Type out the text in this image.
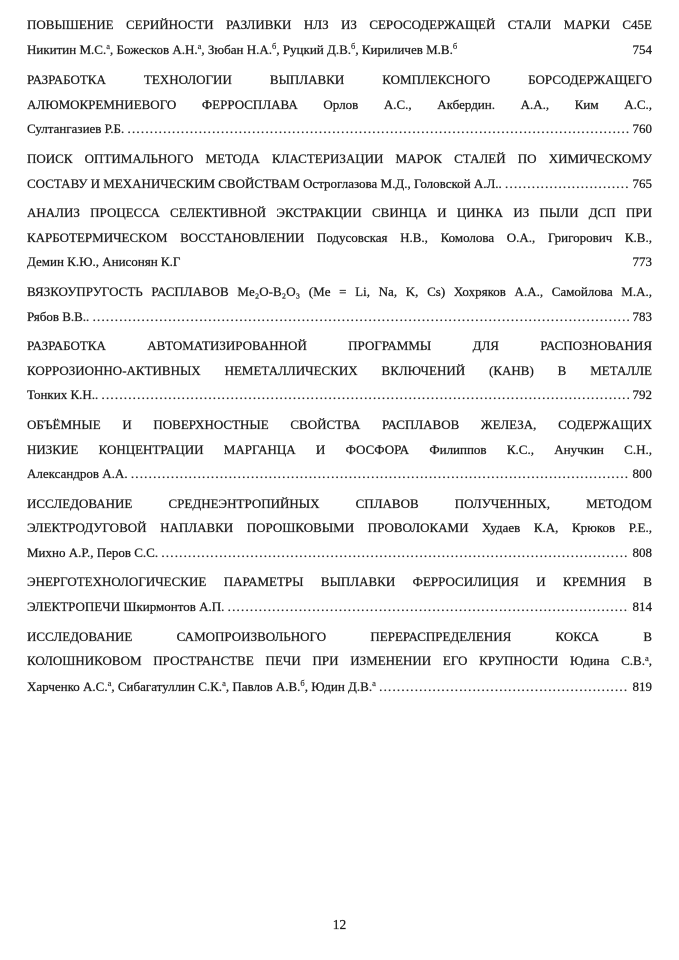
ПОВЫШЕНИЕ СЕРИЙНОСТИ РАЗЛИВКИ НЛЗ ИЗ СЕРОСОДЕРЖАЩЕЙ СТАЛИ МАРКИ С45Е
Никитин М.С.$^а$, Божесков А.Н.$^а$, Зюбан Н.А.$^б$, Руцкий Д.В.$^б$, Кириличев М.В.$^б$	754
РАЗРАБОТКА ТЕХНОЛОГИИ ВЫПЛАВКИ КОМПЛЕКСНОГО БОРСОДЕРЖАЩЕГО
АЛЮМОКРЕМНИЕВОГО ФЕРРОСПЛАВА Орлов А.С., Акбердин. А.А., Ким А.С.,
Султангазиев Р.Б. .....	760
ПОИСК ОПТИМАЛЬНОГО МЕТОДА КЛАСТЕРИЗАЦИИ МАРОК СТАЛЕЙ ПО ХИМИЧЕСКОМУ
СОСТАВУ И МЕХАНИЧЕСКИМ СВОЙСТВАМ Остроглазова М.Д., Головской А.Л.. .....	765
АНАЛИЗ ПРОЦЕССА СЕЛЕКТИВНОЙ ЭКСТРАКЦИИ СВИНЦА И ЦИНКА ИЗ ПЫЛИ ДСП ПРИ
КАРБОТЕРМИЧЕСКОМ ВОССТАНОВЛЕНИИ Подусовская Н.В., Комолова О.А., Григорович К.В.,
Демин К.Ю., Анисонян К.Г	773
ВЯЗКОУПРУГОСТЬ РАСПЛАВОВ Me₂O-B₂O₃ (Me = Li, Na, K, Cs) Хохряков А.А., Самойлова М.А.,
Рябов В.В.. .....	783
РАЗРАБОТКА АВТОМАТИЗИРОВАННОЙ ПРОГРАММЫ ДЛЯ РАСПОЗНОВАНИЯ
КОРРОЗИОННО-АКТИВНЫХ НЕМЕТАЛЛИЧЕСКИХ ВКЛЮЧЕНИЙ (КАНВ) В МЕТАЛЛЕ
Тонких К.Н.. .....	792
ОБЪЁМНЫЕ И ПОВЕРХНОСТНЫЕ СВОЙСТВА РАСПЛАВОВ ЖЕЛЕЗА, СОДЕРЖАЩИХ
НИЗКИЕ КОНЦЕНТРАЦИИ МАРГАНЦА И ФОСФОРА Филиппов К.С., Анучкин С.Н.,
Александров А.А. .....	800
ИССЛЕДОВАНИЕ СРЕДНЕЭНТРОПИЙНЫХ СПЛАВОВ ПОЛУЧЕННЫХ, МЕТОДОМ
ЭЛЕКТРОДУГОВОЙ НАПЛАВКИ ПОРОШКОВЫМИ ПРОВОЛОКАМИ Худаев К.А, Крюков Р.Е.,
Михно А.Р., Перов С.С. .....	808
ЭНЕРГОТЕХНОЛОГИЧЕСКИЕ ПАРАМЕТРЫ ВЫПЛАВКИ ФЕРРОСИЛИЦИЯ И КРЕМНИЯ В
ЭЛЕКТРОПЕЧИ Шкирмонтов А.П. .....	814
ИССЛЕДОВАНИЕ САМОПРОИЗВОЛЬНОГО ПЕРЕРАСПРЕДЕЛЕНИЯ КОКСА В
КОЛОШНИКОВОМ ПРОСТРАНСТВЕ ПЕЧИ ПРИ ИЗМЕНЕНИИ ЕГО КРУПНОСТИ Юдина С.В.$^а$,
Харченко А.С.$^а$, Сибагатуллин С.К.$^а$, Павлов А.В.$^б$, Юдин Д.В.$^а$ .....	819
12
